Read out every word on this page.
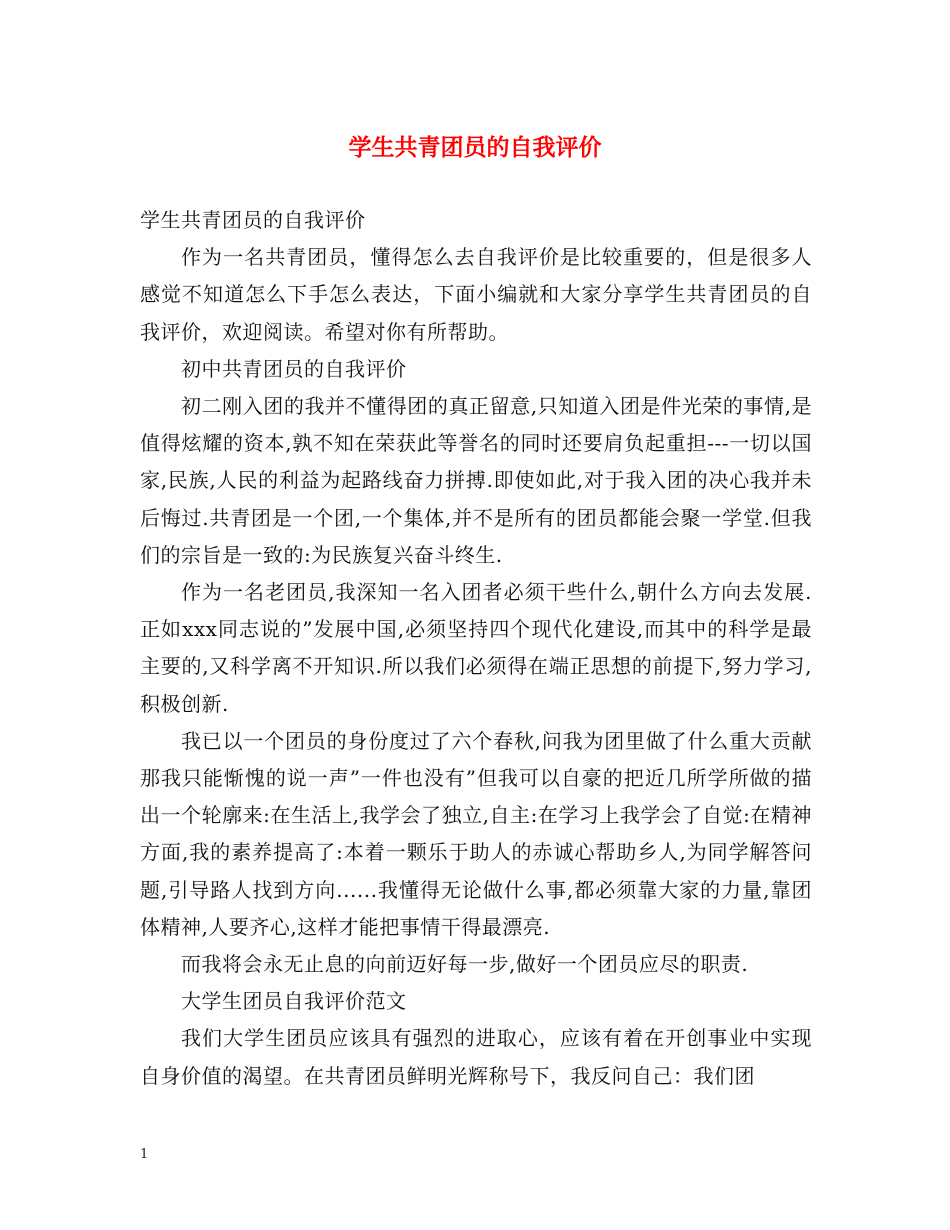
学生共青团员的自我评价

学生共青团员的自我评价

作为一名共青团员，懂得怎么去自我评价是比较重要的，但是很多人感觉不知道怎么下手怎么表达，下面小编就和大家分享学生共青团员的自我评价，欢迎阅读。希望对你有所帮助。

初中共青团员的自我评价

初二刚入团的我并不懂得团的真正留意,只知道入团是件光荣的事情,是值得炫耀的资本,孰不知在荣获此等誉名的同时还要肩负起重担---一切以国家,民族,人民的利益为起路线奋力拼搏.即使如此,对于我入团的决心我并未后悔过.共青团是一个团,一个集体,并不是所有的团员都能会聚一学堂.但我们的宗旨是一致的:为民族复兴奋斗终生.

作为一名老团员,我深知一名入团者必须干些什么,朝什么方向去发展.正如xxx同志说的”发展中国,必须坚持四个现代化建设,而其中的科学是最主要的,又科学离不开知识.所以我们必须得在端正思想的前提下,努力学习,积极创新.

我已以一个团员的身份度过了六个春秋,问我为团里做了什么重大贡献那我只能惭愧的说一声”一件也没有”但我可以自豪的把近几所学所做的描出一个轮廓来:在生活上,我学会了独立,自主:在学习上我学会了自觉:在精神方面,我的素养提高了:本着一颗乐于助人的赤诚心帮助乡人,为同学解答问题,引导路人找到方向......我懂得无论做什么事,都必须靠大家的力量,靠团体精神,人要齐心,这样才能把事情干得最漂亮.

而我将会永无止息的向前迈好每一步,做好一个团员应尽的职责.

大学生团员自我评价范文

我们大学生团员应该具有强烈的进取心，应该有着在开创事业中实现自身价值的渴望。在共青团员鲜明光辉称号下，我反问自己：我们团

1
